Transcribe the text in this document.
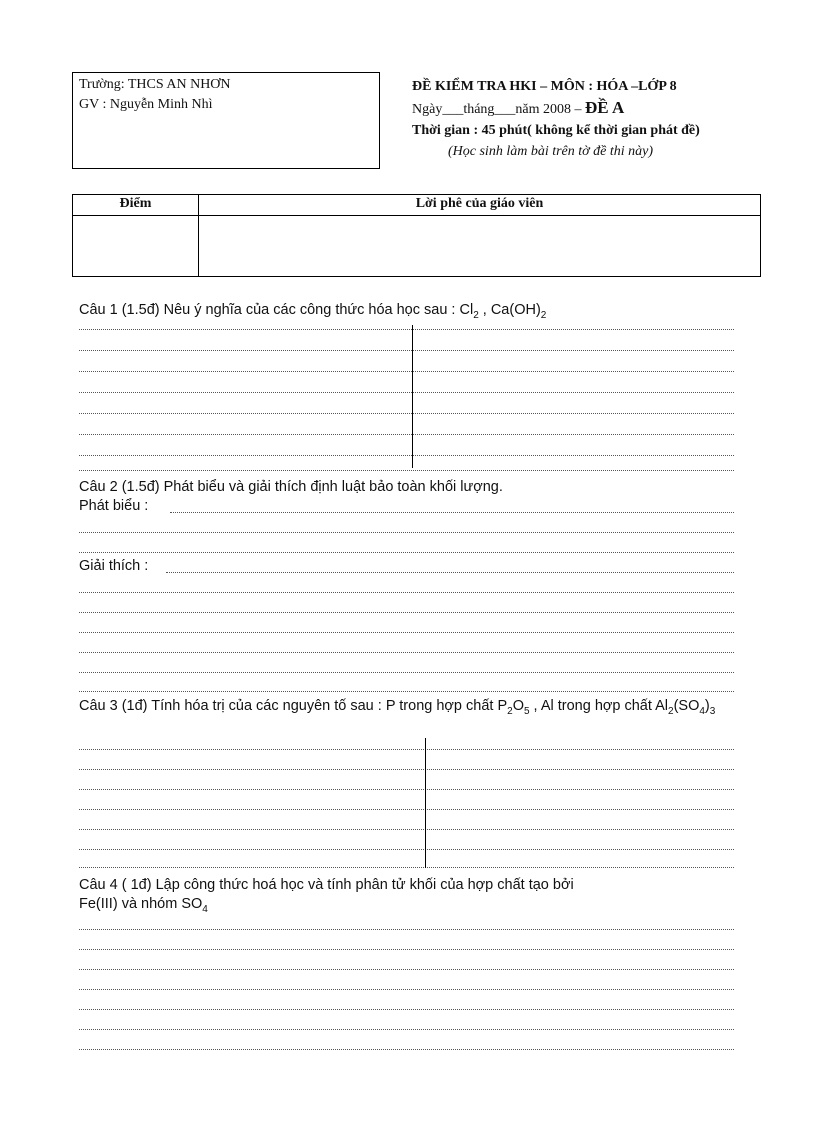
Trường: THCS AN NHƠN
GV : Nguyễn Minh Nhì
ĐỀ KIỂM TRA HKI – MÔN : HÓA –LỚP 8
Ngày___tháng___năm 2008 – ĐỀ A
Thời gian : 45 phút( không kể thời gian phát đề)
(Học sinh làm bài trên tờ đề thi này)
Điểm	Lời phê của giáo viên
Câu 1 (1.5đ) Nêu ý nghĩa của các công thức hóa học sau : $Cl_2$ , $Ca(OH)_2$
Câu 2 (1.5đ) Phát biểu và giải thích định luật bảo toàn khối lượng.
Phát biểu :
Giải thích :
Câu 3 (1đ) Tính hóa trị của các nguyên tố sau : P trong hợp chất $P_2O_5$ , Al trong hợp chất $Al_2(SO_4)_3$
Câu 4 ( 1đ) Lập công thức hoá học và tính phân tử khối của hợp chất tạo bởi
Fe(III) và nhóm $SO_4$
